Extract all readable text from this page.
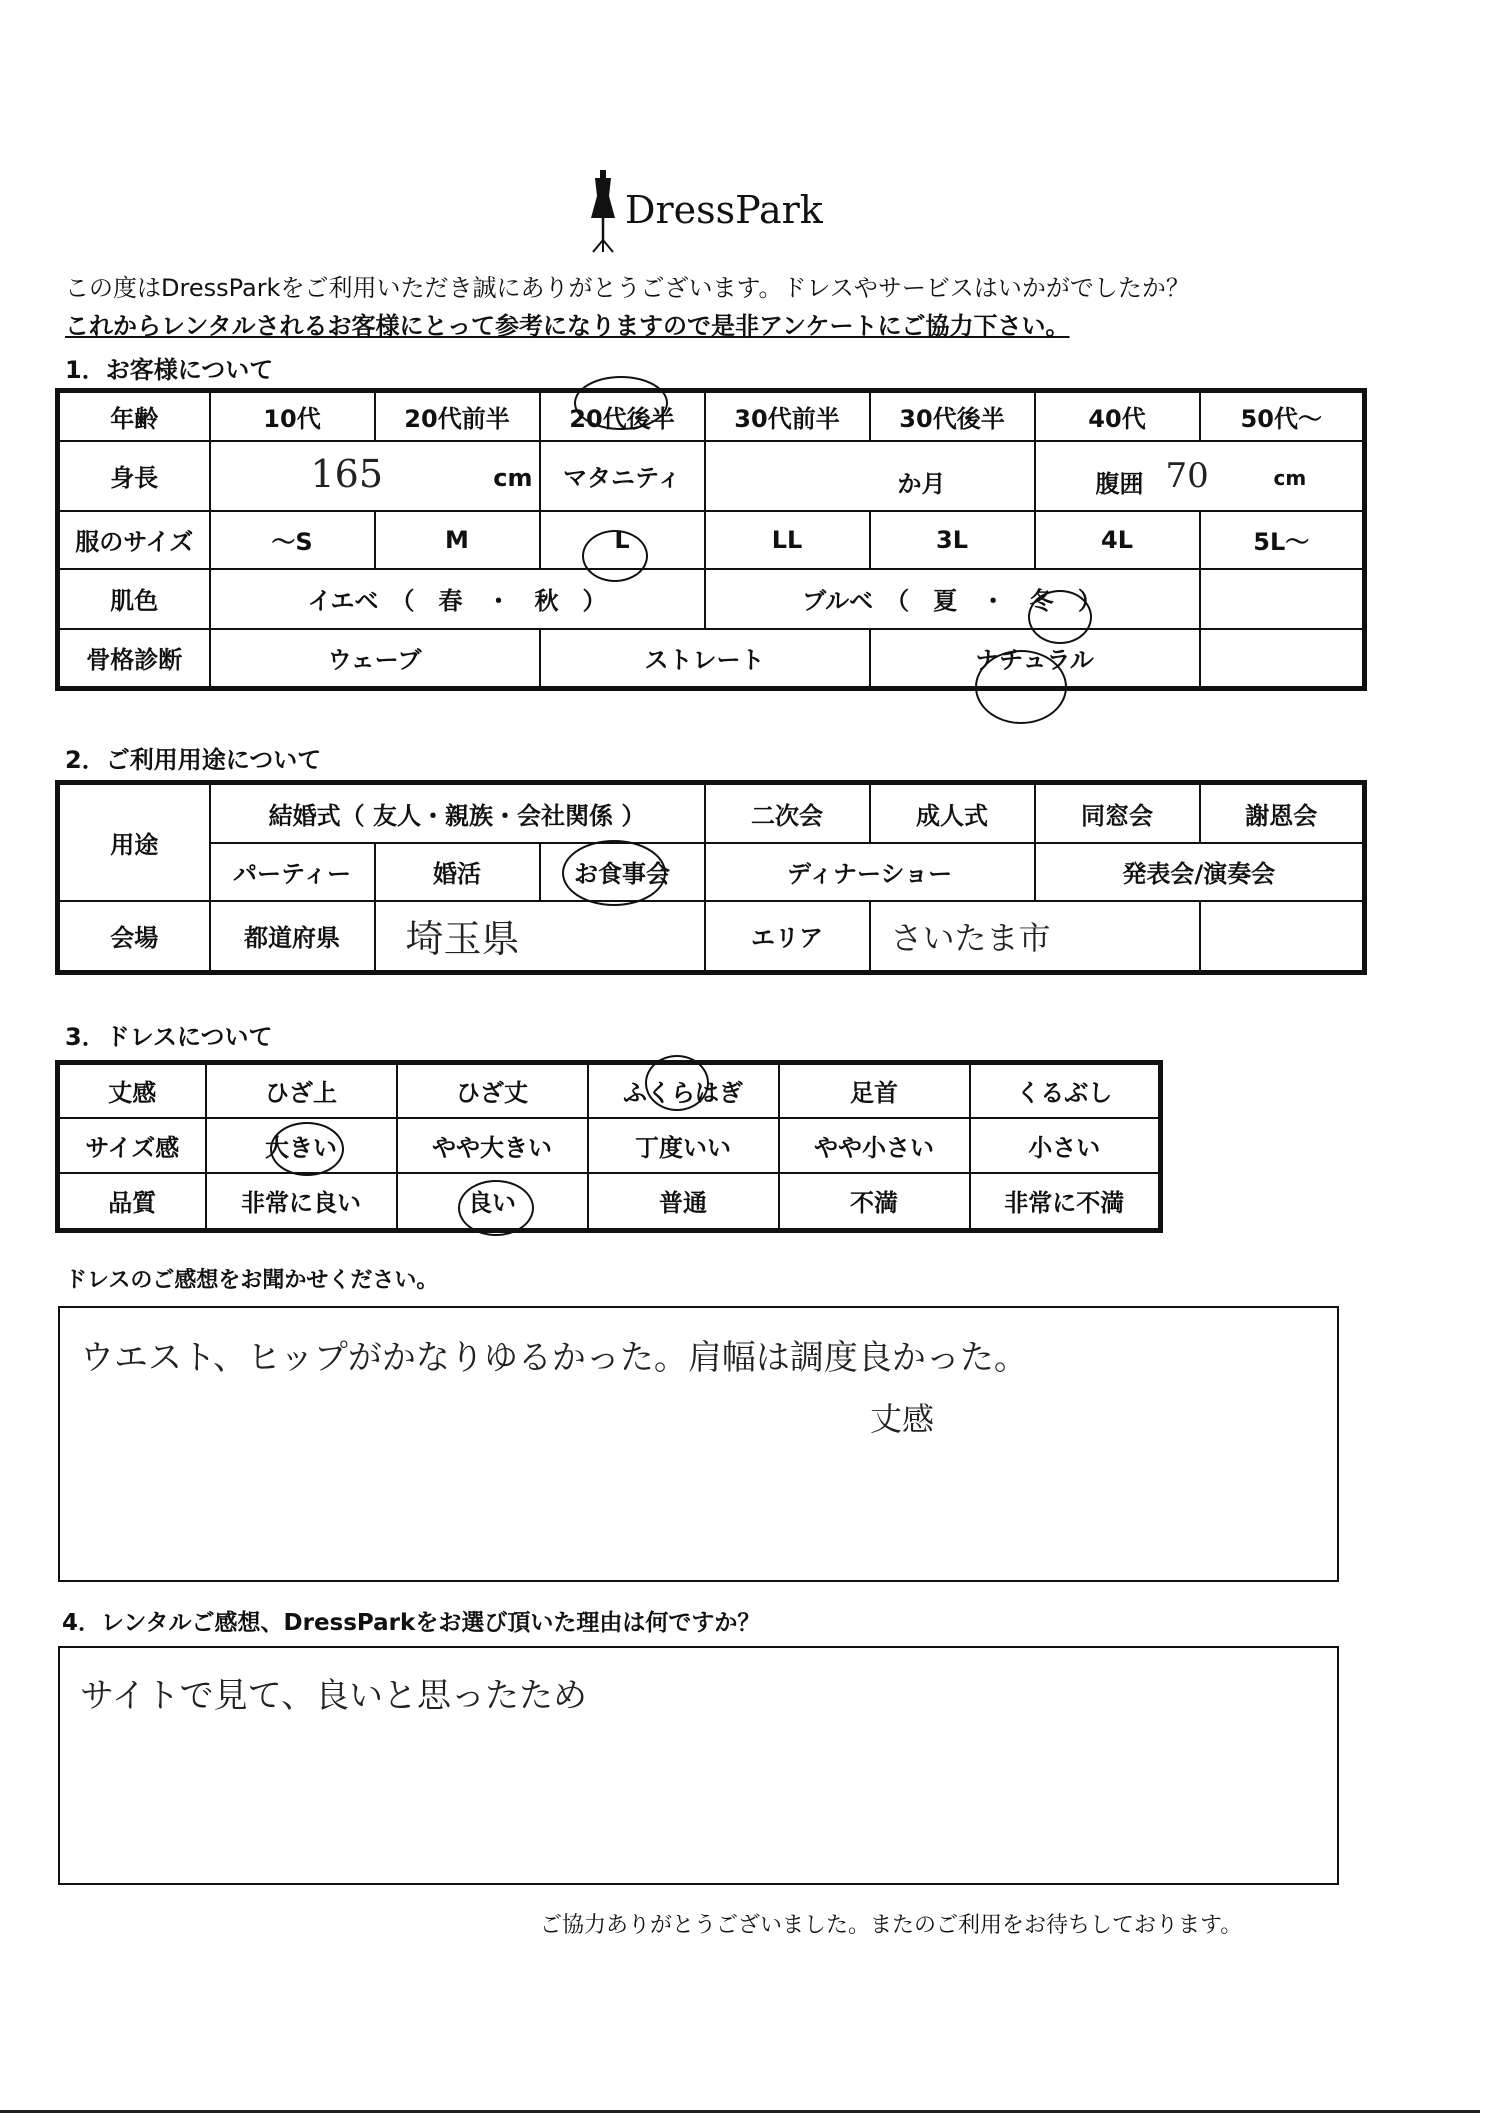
DressPark
この度はDressParkをご利用いただき誠にありがとうございます。ドレスやサービスはいかがでしたか？
これからレンタルされるお客様にとって参考になりますので是非アンケートにご協力下さい。
1．お客様について
年齢	10代	20代前半	20代後半	30代前半	30代後半	40代	50代～
身長	165 cm		マタニティ	か月		腹囲 70 cm	

服のサイズ	～S	M	L	LL	3L	4L	5L～
肌色	イエベ　（　春　・　秋　）			ブルベ　（　夏　・ 冬 ）			
骨格診断	ウェーブ		ストレート		ナチュラル		
2．ご利用用途について
用途	結婚式（ 友人・親族・会社関係 ）			二次会	成人式	同窓会	謝恩会
	パーティー	婚活	お食事会	ディナーショー		発表会/演奏会	
会場	都道府県	埼玉県		エリア	さいたま市		
3．ドレスについて
丈感	ひざ上	ひざ丈	ふくらはぎ	足首	くるぶし
サイズ感	大きい	やや大きい	丁度いい	やや小さい	小さい
品質	非常に良い	良い	普通	不満	非常に不満
ドレスのご感想をお聞かせください。
ウエスト、ヒップがかなりゆるかった。肩幅は調度良かった。
丈感
4．レンタルご感想、DressParkをお選び頂いた理由は何ですか？
サイトで見て、良いと思ったため
ご協力ありがとうございました。またのご利用をお待ちしております。
